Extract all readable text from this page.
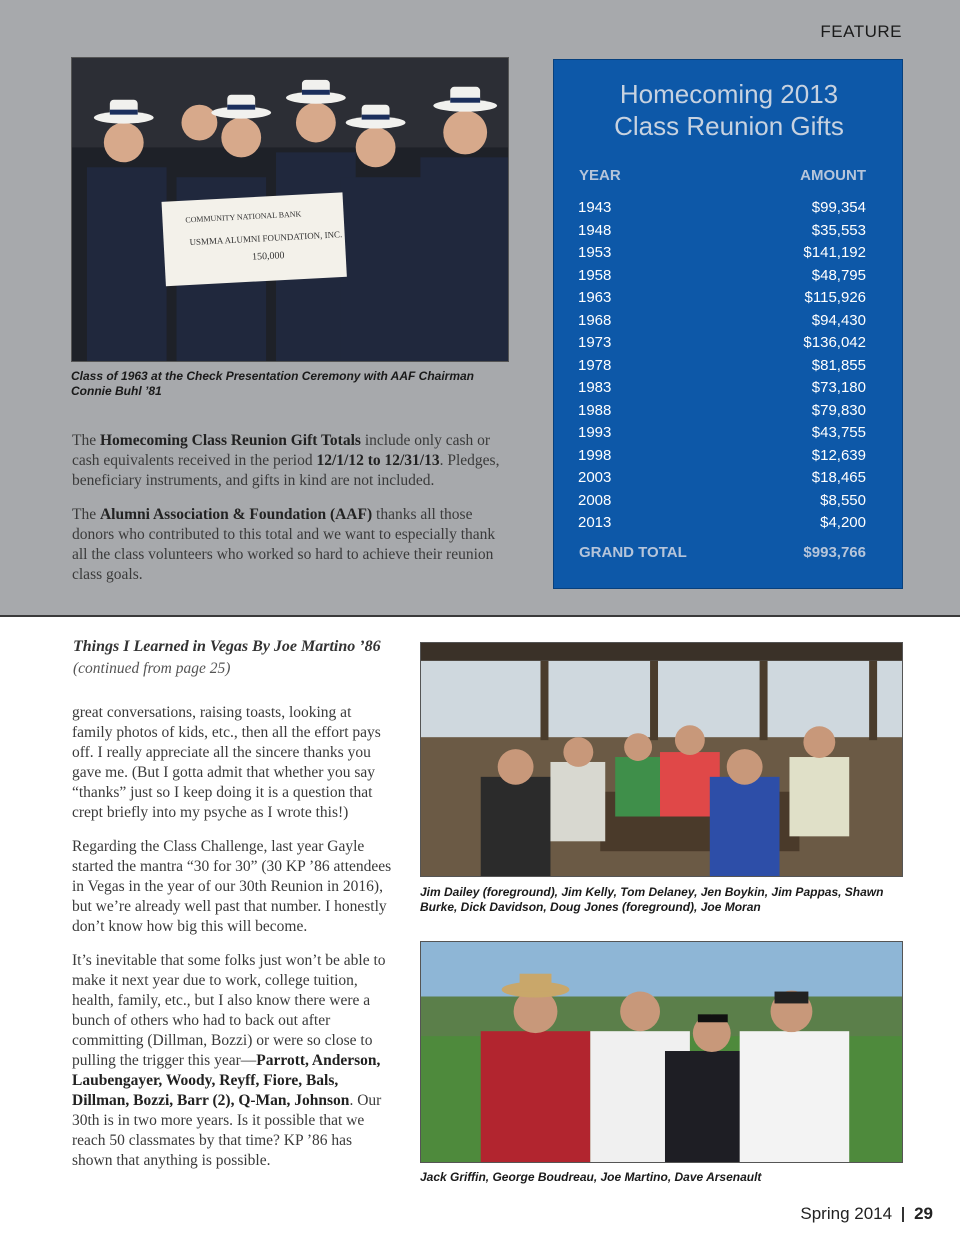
FEATURE
COMMUNITY NATIONAL BANK
USMMA ALUMNI FOUNDATION, INC.
150,000
Class of 1963 at the Check Presentation Ceremony with AAF Chairman Connie Buhl ’81

The Homecoming Class Reunion Gift Totals include only cash or cash equivalents received in the period 12/1/12 to 12/31/13. Pledges, beneficiary instruments, and gifts in kind are not included.

The Alumni Association & Foundation (AAF) thanks all those donors who contributed to this total and we want to especially thank all the class volunteers who worked so hard to achieve their reunion class goals.

Homecoming 2013
Class Reunion Gifts
YEAR	AMOUNT
1943	$99,354
1948	$35,553
1953	$141,192
1958	$48,795
1963	$115,926
1968	$94,430
1973	$136,042
1978	$81,855
1983	$73,180
1988	$79,830
1993	$43,755
1998	$12,639
2003	$18,465
2008	$8,550
2013	$4,200
GRAND TOTAL	$993,766
Things I Learned in Vegas By Joe Martino ’86
(continued from page 25)

great conversations, raising toasts, looking at family photos of kids, etc., then all the effort pays off. I really appreciate all the sincere thanks you gave me. (But I gotta admit that whether you say “thanks” just so I keep doing it is a question that crept briefly into my psyche as I wrote this!)

Regarding the Class Challenge, last year Gayle started the mantra “30 for 30” (30 KP ’86 attendees in Vegas in the year of our 30th Reunion in 2016), but we’re already well past that number. I honestly don’t know how big this will become.

It’s inevitable that some folks just won’t be able to make it next year due to work, college tuition, health, family, etc., but I also know there were a bunch of others who had to back out after committing (Dillman, Bozzi) or were so close to pulling the trigger this year—Parrott, Anderson, Laubengayer, Woody, Reyff, Fiore, Bals, Dillman, Bozzi, Barr (2), Q-Man, Johnson. Our 30th is in two more years. Is it possible that we reach 50 classmates by that time? KP ’86 has shown that anything is possible.

Jim Dailey (foreground), Jim Kelly, Tom Delaney, Jen Boykin, Jim Pappas, Shawn Burke, Dick Davidson, Doug Jones (foreground), Joe Moran
Jack Griffin, George Boudreau, Joe Martino, Dave Arsenault
Spring 2014 29
